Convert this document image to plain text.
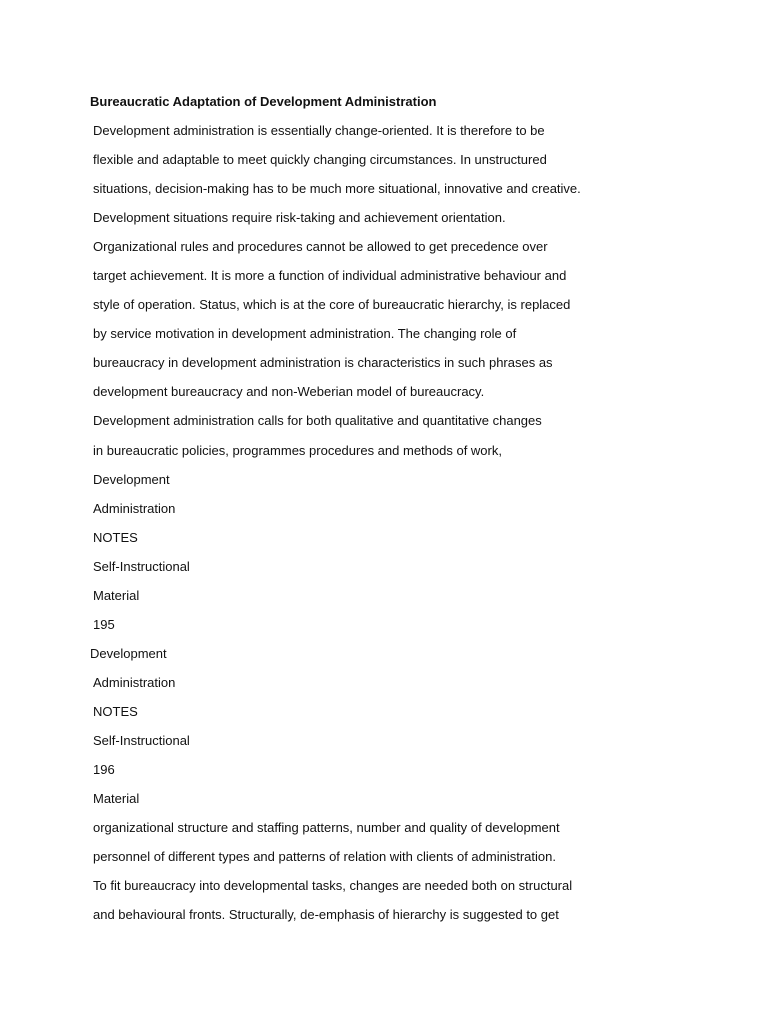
Bureaucratic Adaptation of Development Administration
Development administration is essentially change-oriented. It is therefore to be
flexible and adaptable to meet quickly changing circumstances. In unstructured
situations, decision-making has to be much more situational, innovative and creative.
Development situations require risk-taking and achievement orientation.
Organizational rules and procedures cannot be allowed to get precedence over
target achievement. It is more a function of individual administrative behaviour and
style of operation. Status, which is at the core of bureaucratic hierarchy, is replaced
by service motivation in development administration. The changing role of
bureaucracy in development administration is characteristics in such phrases as
development bureaucracy and non-Weberian model of bureaucracy.
Development administration calls for both qualitative and quantitative changes
in bureaucratic policies, programmes procedures and methods of work,
Development
Administration
NOTES
Self-Instructional
Material
195
Development
Administration
NOTES
Self-Instructional
196
Material
organizational structure and staffing patterns, number and quality of development
personnel of different types and patterns of relation with clients of administration.
To fit bureaucracy into developmental tasks, changes are needed both on structural
and behavioural fronts. Structurally, de-emphasis of hierarchy is suggested to get
